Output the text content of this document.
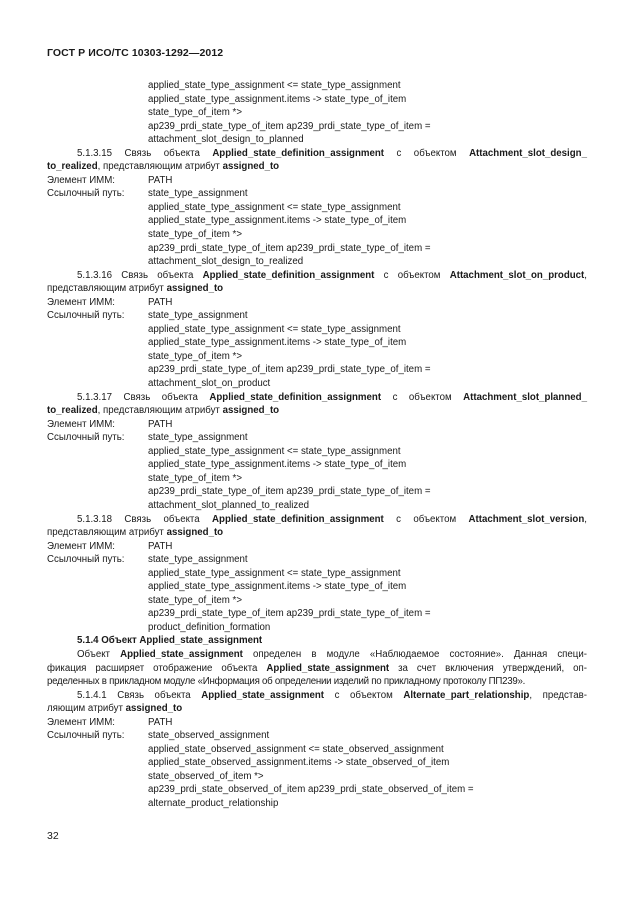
ГОСТ Р ИСО/ТС 10303-1292—2012
applied_state_type_assignment <= state_type_assignment
applied_state_type_assignment.items -> state_type_of_item
state_type_of_item *>
ap239_prdi_state_type_of_item ap239_prdi_state_type_of_item =
attachment_slot_design_to_planned
5.1.3.15 Связь объекта Applied_state_definition_assignment с объектом Attachment_slot_design_
to_realized, представляющим атрибут assigned_to
Элемент ИММ:	PATH
Ссылочный путь:	state_type_assignment
applied_state_type_assignment <= state_type_assignment
applied_state_type_assignment.items -> state_type_of_item
state_type_of_item *>
ap239_prdi_state_type_of_item ap239_prdi_state_type_of_item =
attachment_slot_design_to_realized
5.1.3.16 Связь объекта Applied_state_definition_assignment с объектом Attachment_slot_on_product,
представляющим атрибут assigned_to
Элемент ИММ:	PATH
Ссылочный путь:	state_type_assignment
applied_state_type_assignment <= state_type_assignment
applied_state_type_assignment.items -> state_type_of_item
state_type_of_item *>
ap239_prdi_state_type_of_item ap239_prdi_state_type_of_item =
attachment_slot_on_product
5.1.3.17 Связь объекта Applied_state_definition_assignment с объектом Attachment_slot_planned_
to_realized, представляющим атрибут assigned_to
Элемент ИММ:	PATH
Ссылочный путь:	state_type_assignment
applied_state_type_assignment <= state_type_assignment
applied_state_type_assignment.items -> state_type_of_item
state_type_of_item *>
ap239_prdi_state_type_of_item ap239_prdi_state_type_of_item =
attachment_slot_planned_to_realized
5.1.3.18 Связь объекта Applied_state_definition_assignment с объектом Attachment_slot_version,
представляющим атрибут assigned_to
Элемент ИММ:	PATH
Ссылочный путь:	state_type_assignment
applied_state_type_assignment <= state_type_assignment
applied_state_type_assignment.items -> state_type_of_item
state_type_of_item *>
ap239_prdi_state_type_of_item ap239_prdi_state_type_of_item =
product_definition_formation
5.1.4 Объект Applied_state_assignment
Объект Applied_state_assignment определен в модуле «Наблюдаемое состояние». Данная специ-
фикация расширяет отображение объекта Applied_state_assignment за счет включения утверждений, оп-
ределенных в прикладном модуле «Информация об определении изделий по прикладному протоколу ПП239».
5.1.4.1 Связь объекта Applied_state_assignment с объектом Alternate_part_relationship, представ-
ляющим атрибут assigned_to
Элемент ИММ:	PATH
Ссылочный путь:	state_observed_assignment
applied_state_observed_assignment <= state_observed_assignment
applied_state_observed_assignment.items -> state_observed_of_item
state_observed_of_item *>
ap239_prdi_state_observed_of_item ap239_prdi_state_observed_of_item =
alternate_product_relationship
32
